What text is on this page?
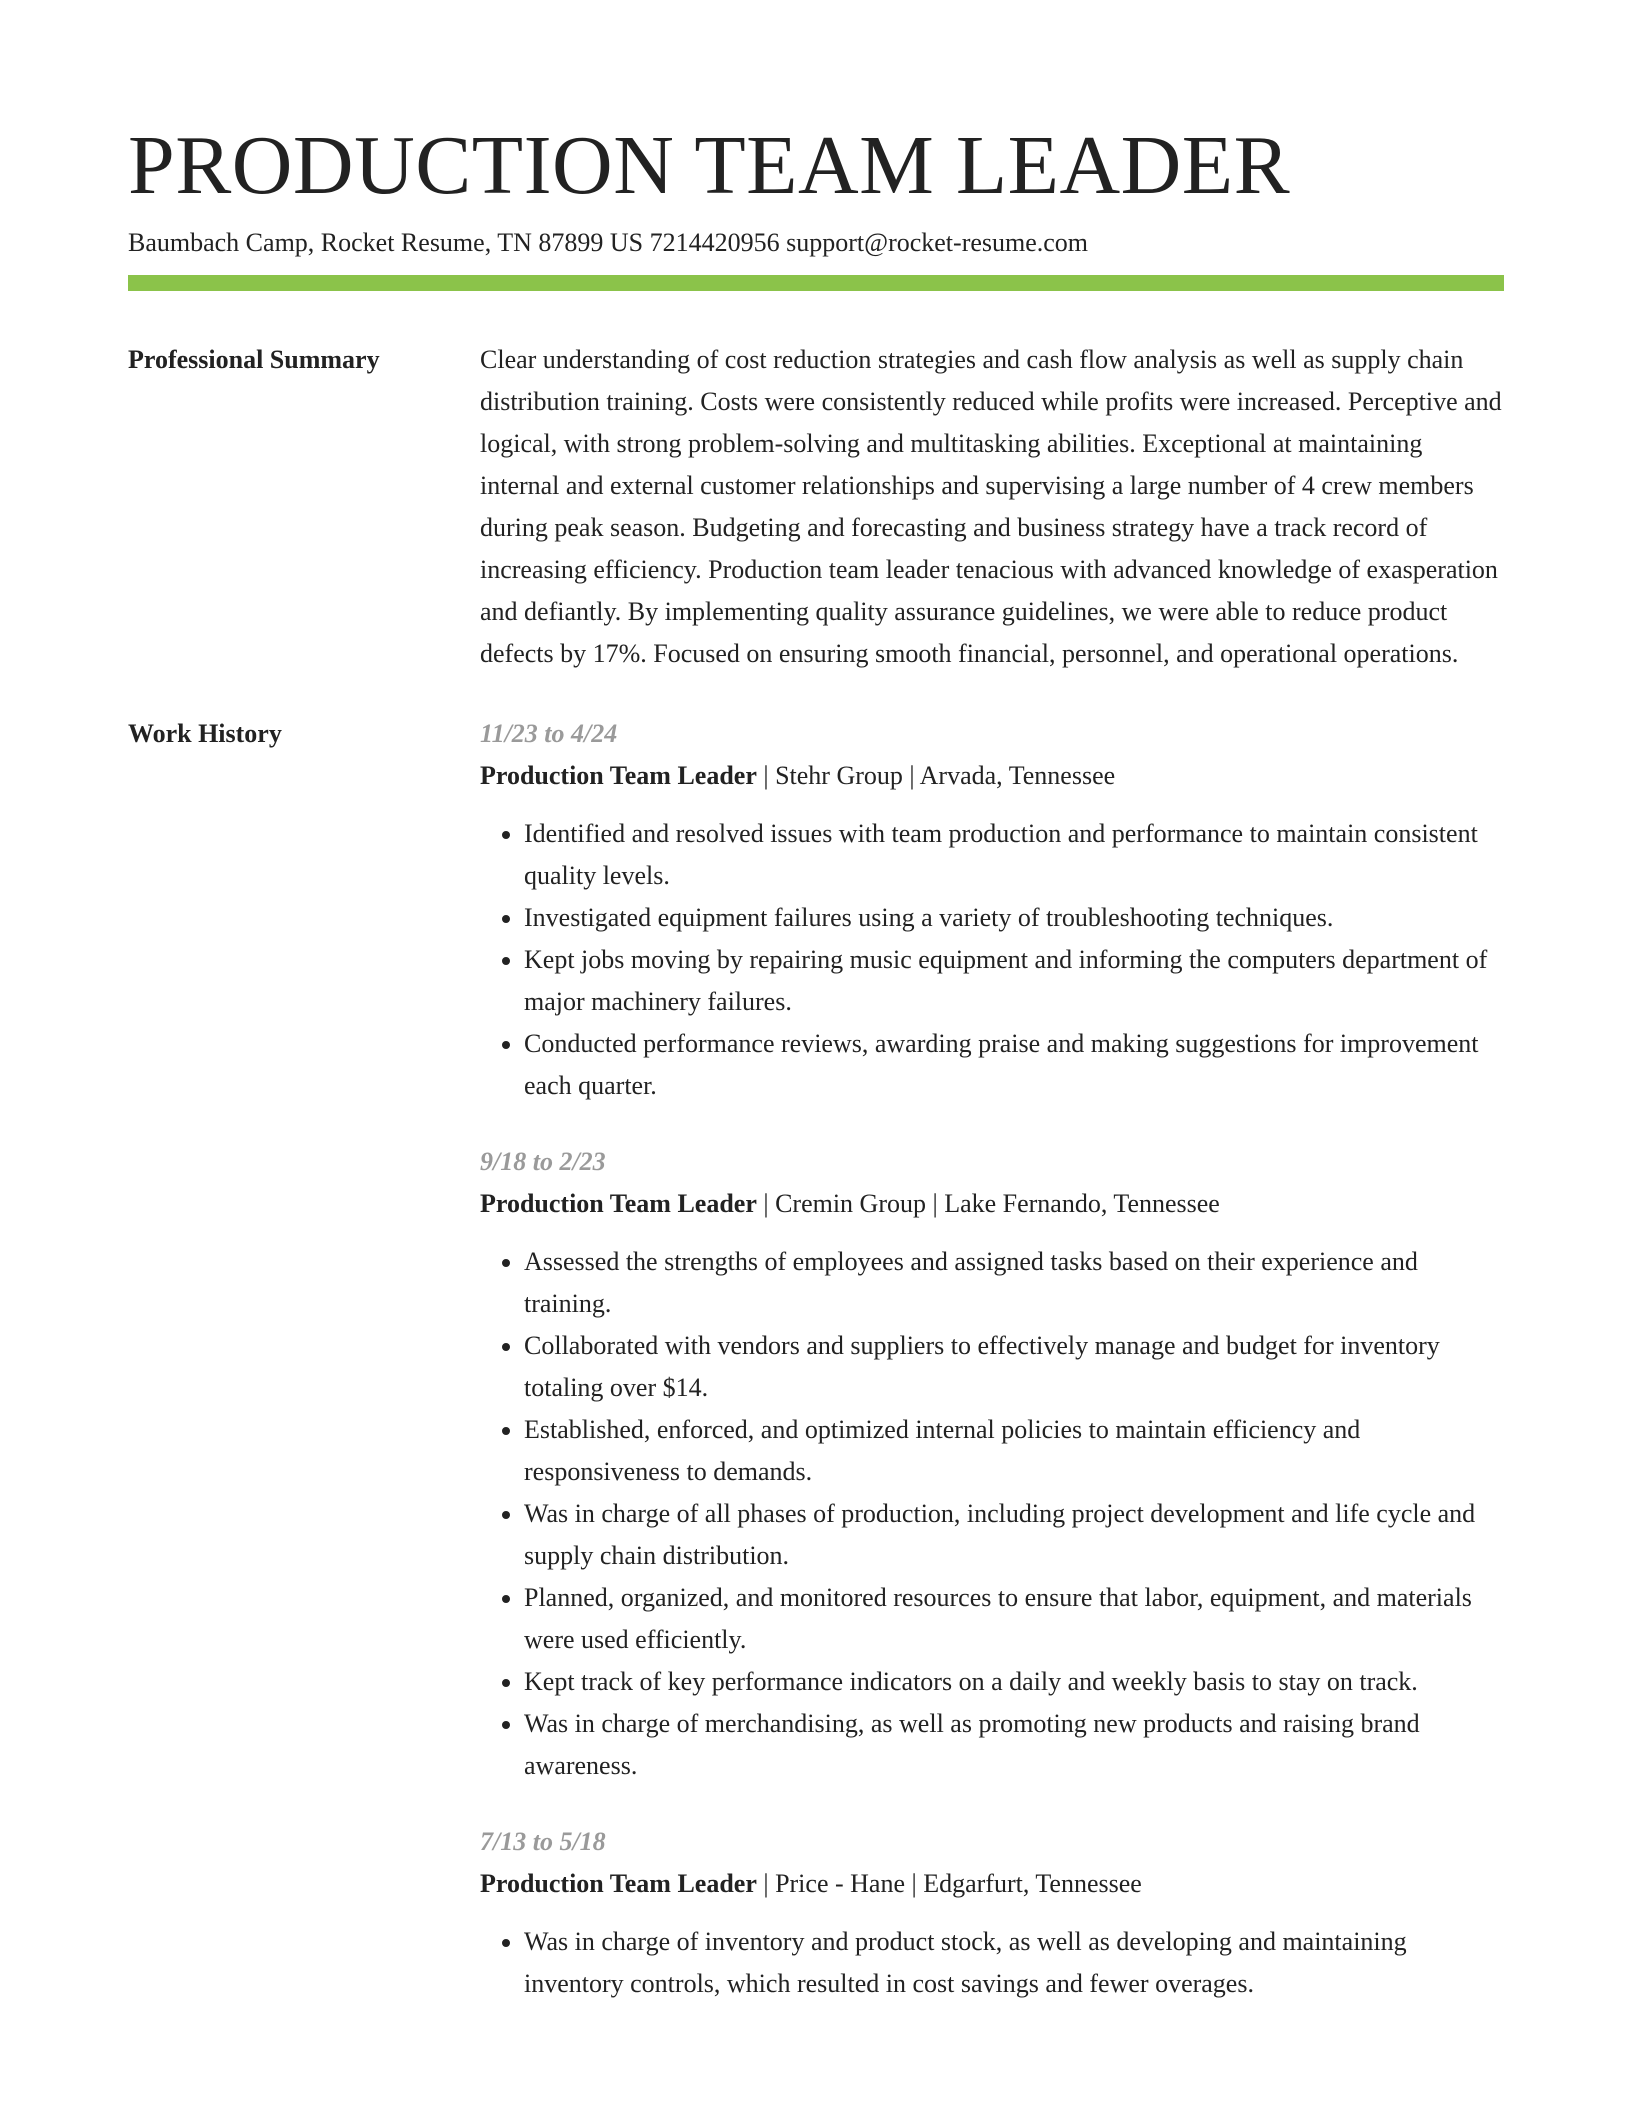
PRODUCTION TEAM LEADER
Baumbach Camp, Rocket Resume, TN 87899 US 7214420956 support@rocket-resume.com
Professional Summary	Clear understanding of cost reduction strategies and cash flow analysis as well as supply chain distribution training. Costs were consistently reduced while profits were increased. Perceptive and logical, with strong problem-solving and multitasking abilities. Exceptional at maintaining internal and external customer relationships and supervising a large number of 4 crew members during peak season. Budgeting and forecasting and business strategy have a track record of increasing efficiency. Production team leader tenacious with advanced knowledge of exasperation and defiantly. By implementing quality assurance guidelines, we were able to reduce product defects by 17%. Focused on ensuring smooth financial, personnel, and operational operations.

Work History	11/23 to 4/24
Production Team Leader | Stehr Group | Arvada, Tennessee
• Identified and resolved issues with team production and performance to maintain consistent quality levels.
• Investigated equipment failures using a variety of troubleshooting techniques.
• Kept jobs moving by repairing music equipment and informing the computers department of major machinery failures.
• Conducted performance reviews, awarding praise and making suggestions for improvement each quarter.
9/18 to 2/23
Production Team Leader | Cremin Group | Lake Fernando, Tennessee
• Assessed the strengths of employees and assigned tasks based on their experience and training.
• Collaborated with vendors and suppliers to effectively manage and budget for inventory totaling over $14.
• Established, enforced, and optimized internal policies to maintain efficiency and responsiveness to demands.
• Was in charge of all phases of production, including project development and life cycle and supply chain distribution.
• Planned, organized, and monitored resources to ensure that labor, equipment, and materials were used efficiently.
• Kept track of key performance indicators on a daily and weekly basis to stay on track.
• Was in charge of merchandising, as well as promoting new products and raising brand awareness.
7/13 to 5/18
Production Team Leader | Price - Hane | Edgarfurt, Tennessee
• Was in charge of inventory and product stock, as well as developing and maintaining inventory controls, which resulted in cost savings and fewer overages.
